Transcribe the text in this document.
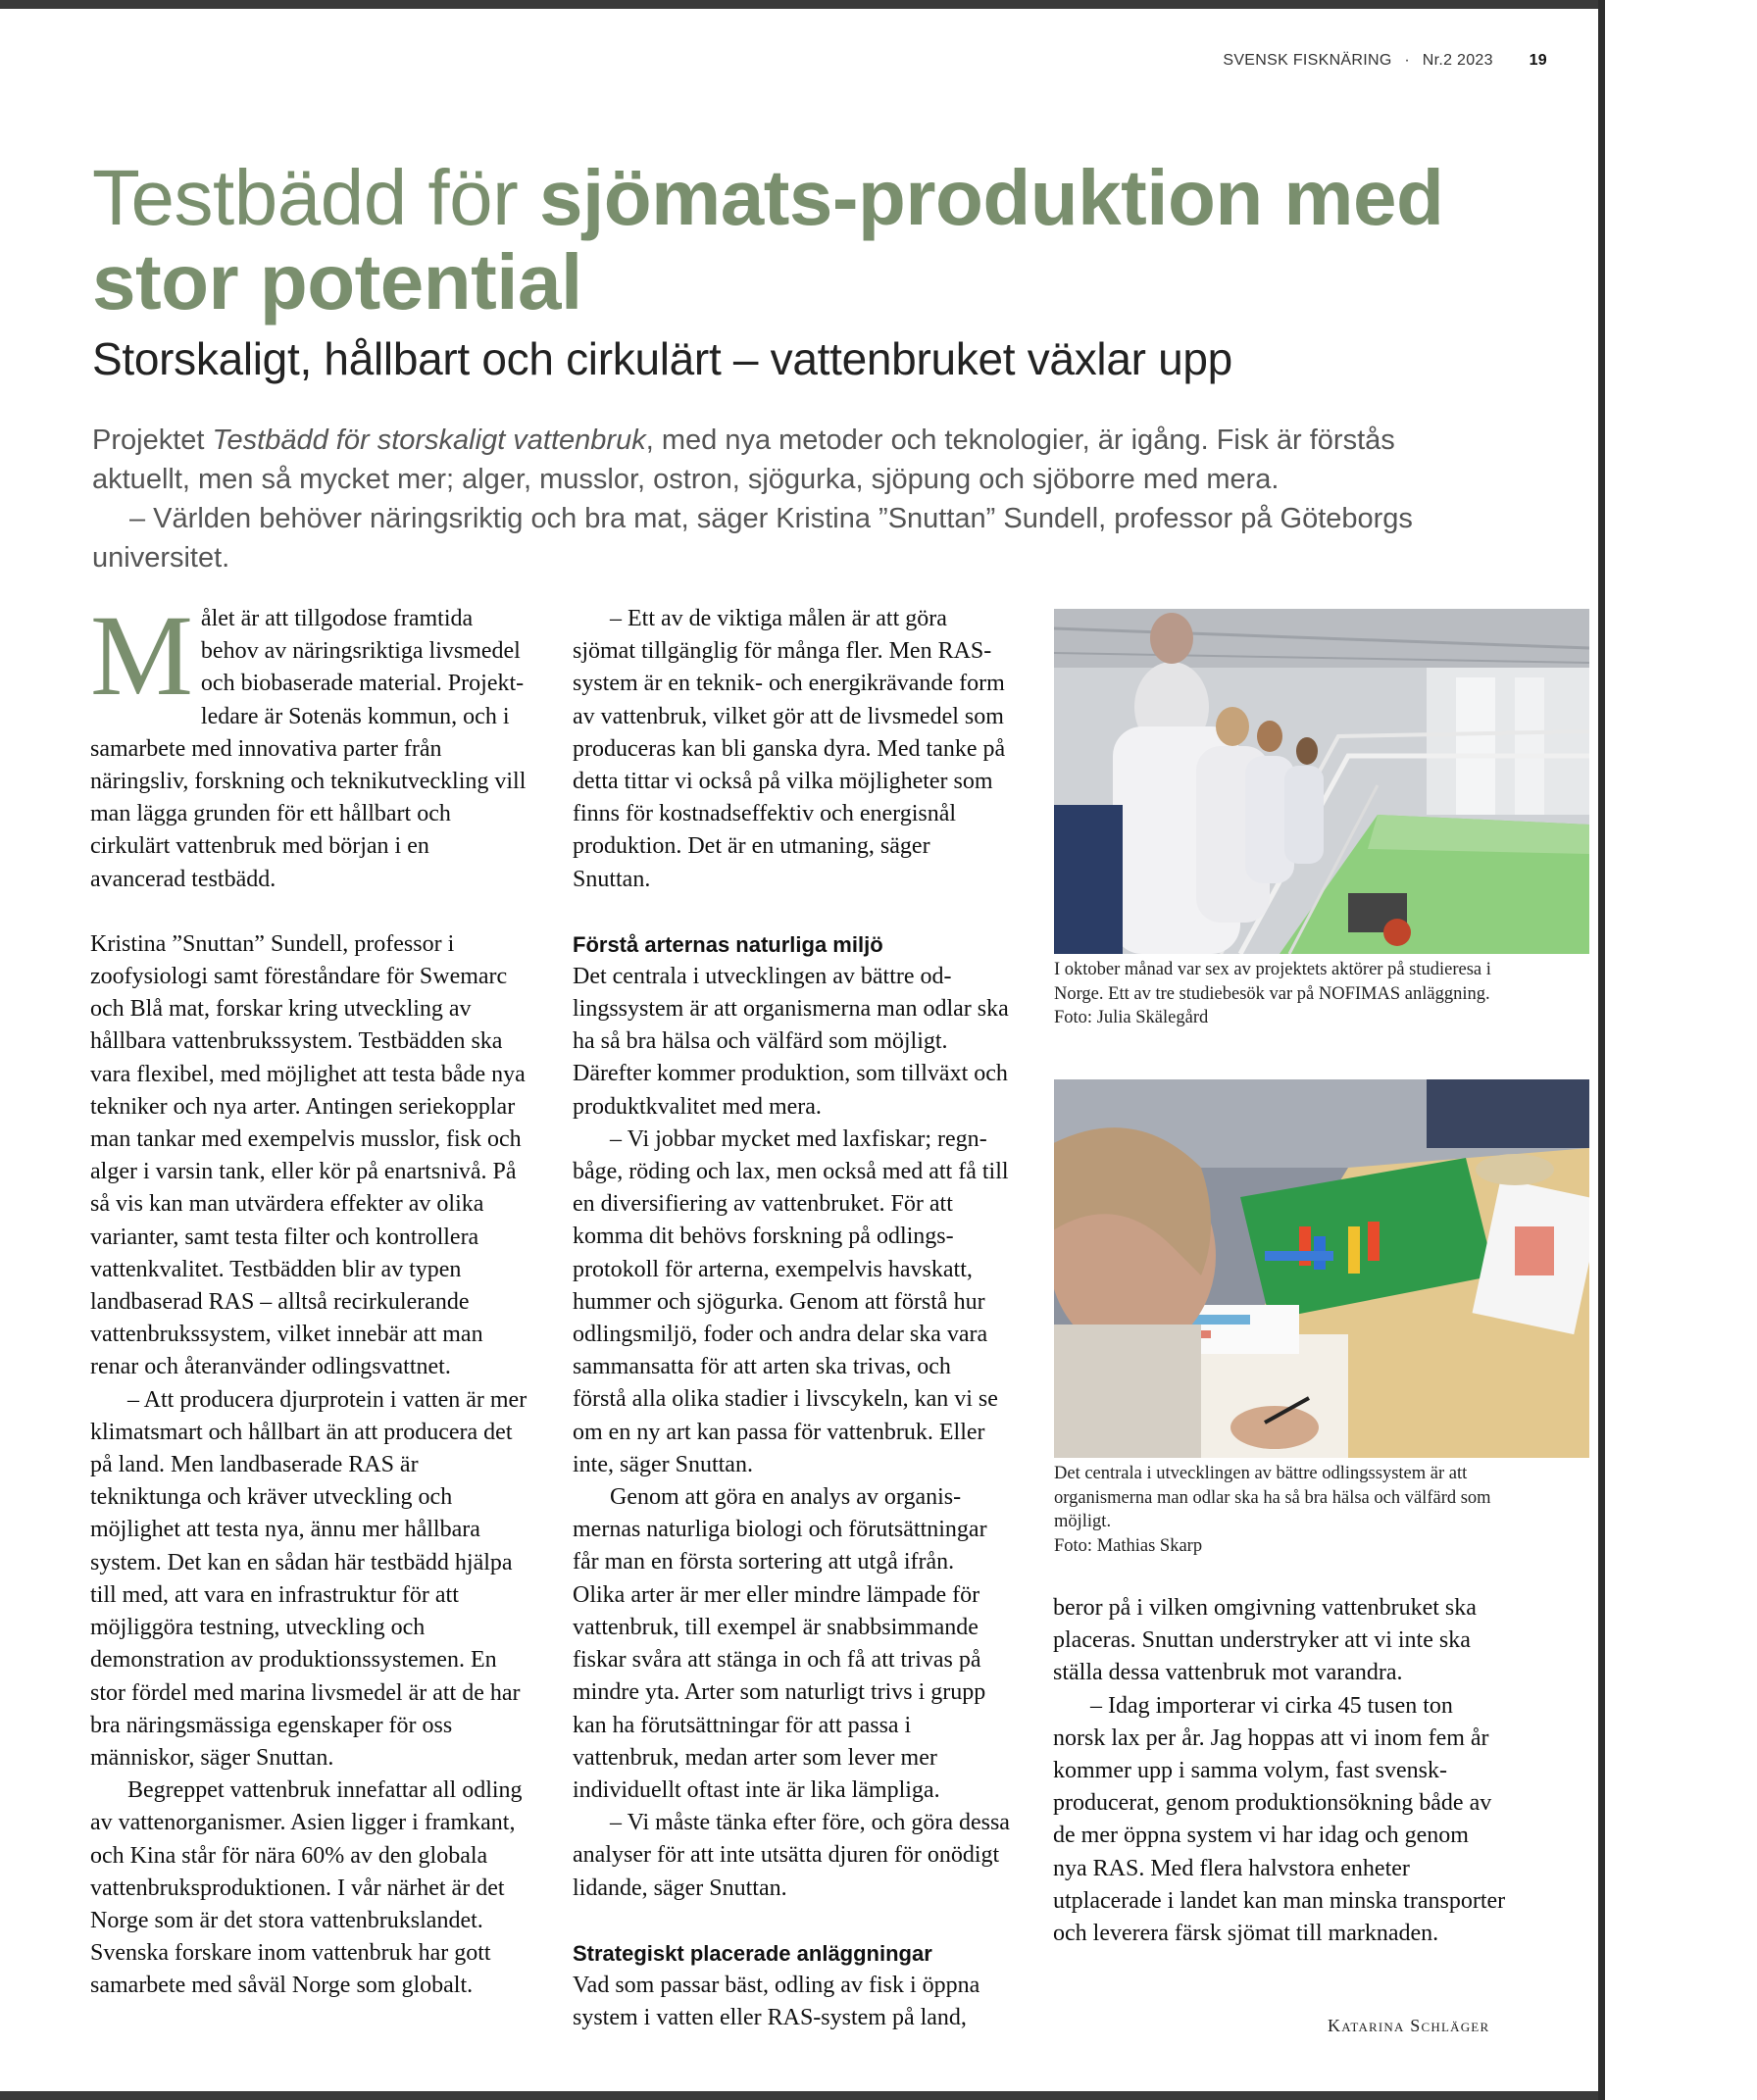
SVENSK FISKNÄRING · Nr.2 2023 19
Testbädd för sjömats-produktion med stor potential
Storskaligt, hållbart och cirkulärt – vattenbruket växlar upp

Projektet Testbädd för storskaligt vattenbruk, med nya metoder och teknologier, är igång. Fisk är förstås aktuellt, men så mycket mer; alger, musslor, ostron, sjögurka, sjöpung och sjöborre med mera.

– Världen behöver näringsriktig och bra mat, säger Kristina ”Snuttan” Sundell, professor på Göteborgs universitet.

Målet är att tillgodose framtida behov av näringsriktiga livsmedel och biobaserade material. Projektledare är Sotenäs kommun, och i samarbete med innovativa parter från näringsliv, forskning och teknikutveckling vill man lägga grunden för ett hållbart och cirkulärt vattenbruk med början i en avancerad testbädd.

Kristina ”Snuttan” Sundell, professor i zoofysiologi samt föreståndare för Swemarc och Blå mat, forskar kring utveckling av hållbara vattenbrukssystem. Testbädden ska vara flexibel, med möjlighet att testa både nya tekniker och nya arter. Antingen seriekopplar man tankar med exempelvis musslor, fisk och alger i varsin tank, eller kör på enartsnivå. På så vis kan man utvärdera effekter av olika varianter, samt testa filter och kontrollera vattenkvalitet. Testbädden blir av typen landbaserad RAS – alltså recirkulerande vattenbrukssystem, vilket innebär att man renar och återanvänder odlingsvattnet.

– Att producera djurprotein i vatten är mer klimatsmart och hållbart än att producera det på land. Men landbaserade RAS är tekniktunga och kräver utveckling och möjlighet att testa nya, ännu mer hållbara system. Det kan en sådan här testbädd hjälpa till med, att vara en infrastruktur för att möjliggöra testning, utveckling och demonstration av produktionssystemen. En stor fördel med marina livsmedel är att de har bra näringsmässiga egenskaper för oss människor, säger Snuttan.

Begreppet vattenbruk innefattar all odling av vattenorganismer. Asien ligger i framkant, och Kina står för nära 60% av den globala vattenbruksproduktionen. I vår närhet är det Norge som är det stora vattenbrukslandet. Svenska forskare inom vattenbruk har gott samarbete med såväl Norge som globalt.

– Ett av de viktiga målen är att göra sjömat tillgänglig för många fler. Men RAS-system är en teknik- och energikrävande form av vattenbruk, vilket gör att de livsmedel som produceras kan bli ganska dyra. Med tanke på detta tittar vi också på vilka möjligheter som finns för kostnadseffektiv och energisnål produktion. Det är en utmaning, säger Snuttan.

Förstå arternas naturliga miljö

Det centrala i utvecklingen av bättre odlingssystem är att organismerna man odlar ska ha så bra hälsa och välfärd som möjligt. Därefter kommer produktion, som tillväxt och produktkvalitet med mera.

– Vi jobbar mycket med laxfiskar; regnbåge, röding och lax, men också med att få till en diversifiering av vattenbruket. För att komma dit behövs forskning på odlingsprotokoll för arterna, exempelvis havskatt, hummer och sjögurka. Genom att förstå hur odlingsmiljö, foder och andra delar ska vara sammansatta för att arten ska trivas, och förstå alla olika stadier i livscykeln, kan vi se om en ny art kan passa för vattenbruk. Eller inte, säger Snuttan.

Genom att göra en analys av organismernas naturliga biologi och förutsättningar får man en första sortering att utgå ifrån. Olika arter är mer eller mindre lämpade för vattenbruk, till exempel är snabbsimmande fiskar svåra att stänga in och få att trivas på mindre yta. Arter som naturligt trivs i grupp kan ha förutsättningar för att passa i vattenbruk, medan arter som lever mer individuellt oftast inte är lika lämpliga.

– Vi måste tänka efter före, och göra dessa analyser för att inte utsätta djuren för onödigt lidande, säger Snuttan.

Strategiskt placerade anläggningar

Vad som passar bäst, odling av fisk i öppna system i vatten eller RAS-system på land,

I oktober månad var sex av projektets aktörer på studieresa i Norge. Ett av tre studiebesök var på NOFIMAS anläggning.

Foto: Julia Skälegård

Det centrala i utvecklingen av bättre odlingssystem är att organismerna man odlar ska ha så bra hälsa och välfärd som möjligt.

Foto: Mathias Skarp

beror på i vilken omgivning vattenbruket ska placeras. Snuttan understryker att vi inte ska ställa dessa vattenbruk mot varandra.

– Idag importerar vi cirka 45 tusen ton norsk lax per år. Jag hoppas att vi inom fem år kommer upp i samma volym, fast svenskproducerat, genom produktionsökning både av de mer öppna system vi har idag och genom nya RAS. Med flera halvstora enheter utplacerade i landet kan man minska transporter och leverera färsk sjömat till marknaden.

Katarina Schläger
